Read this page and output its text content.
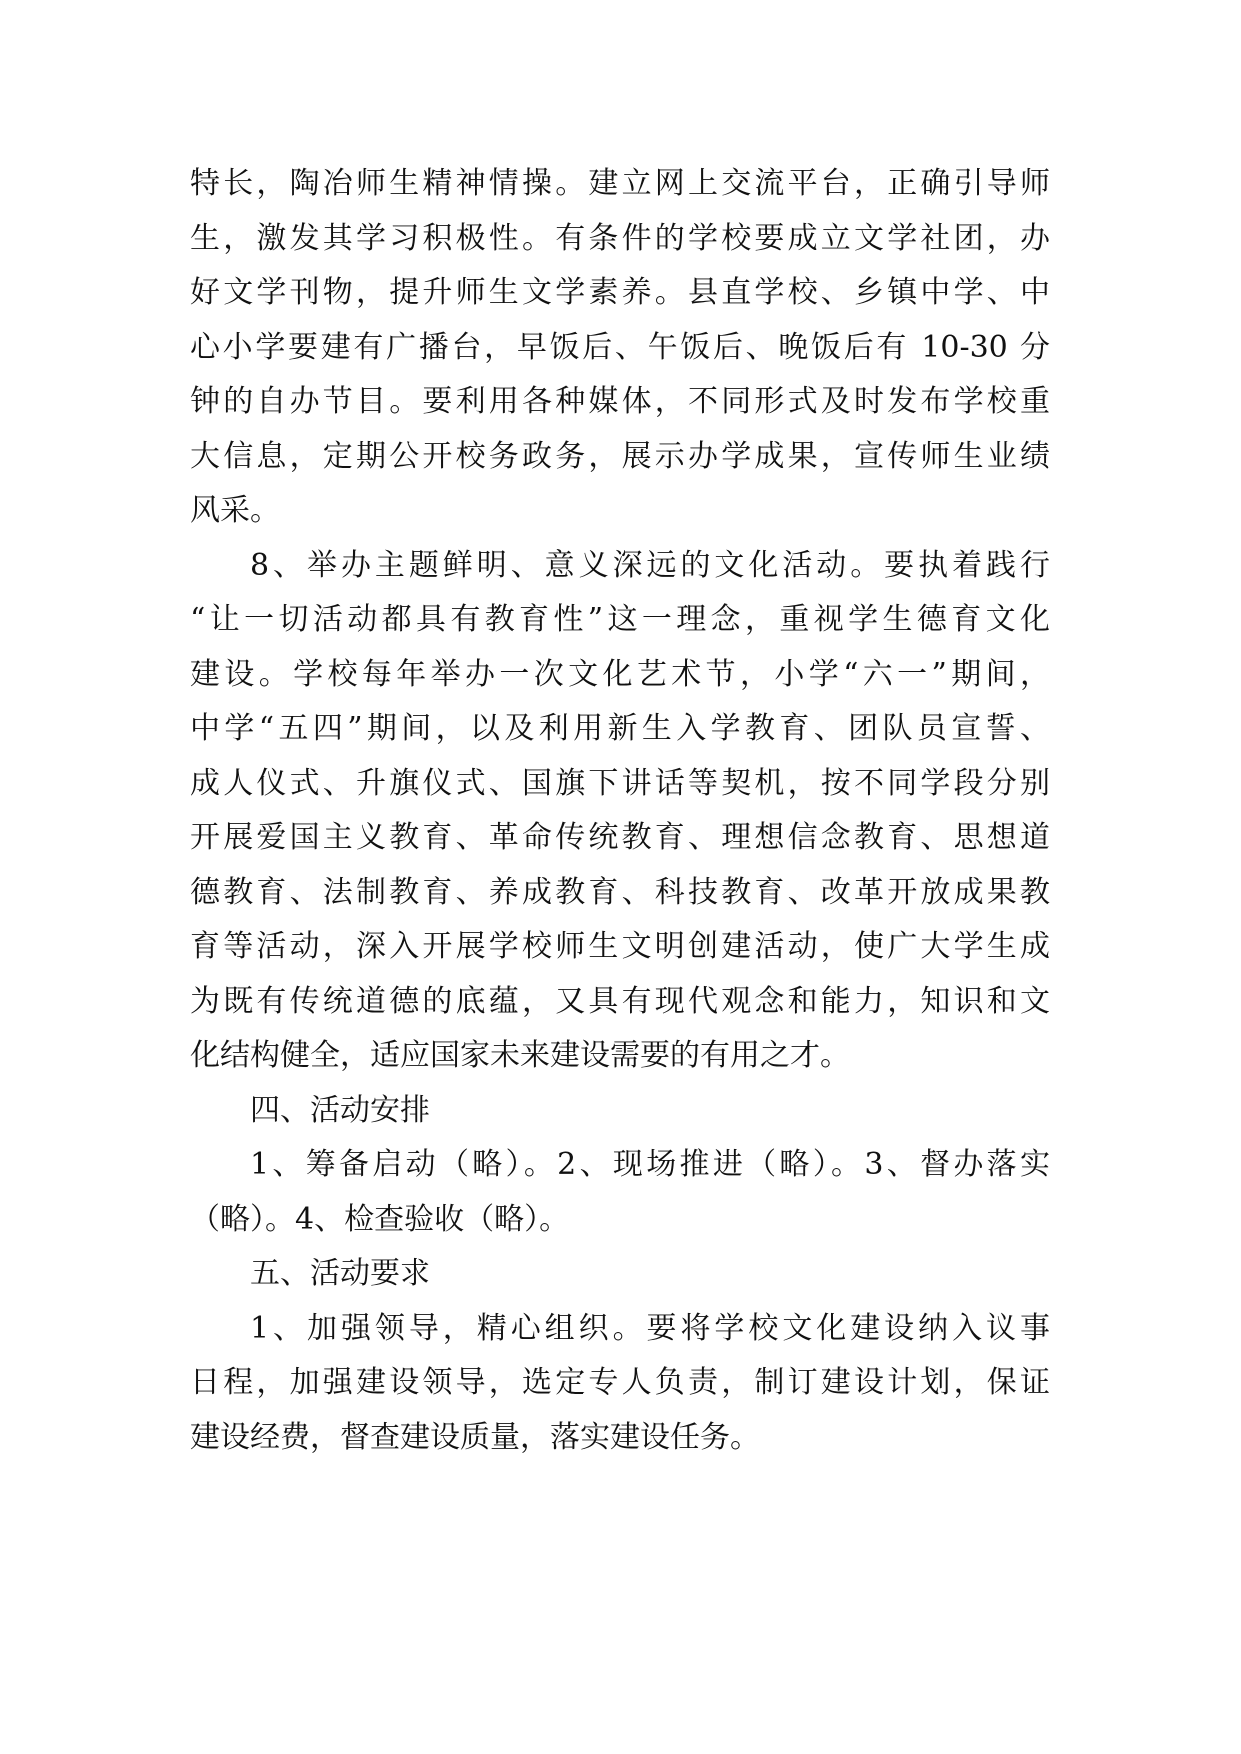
特长，陶冶师生精神情操。建立网上交流平台，正确引导师
生，激发其学习积极性。有条件的学校要成立文学社团，办
好文学刊物，提升师生文学素养。县直学校、乡镇中学、中
心小学要建有广播台，早饭后、午饭后、晚饭后有 10-30 分
钟的自办节目。要利用各种媒体，不同形式及时发布学校重
大信息，定期公开校务政务，展示办学成果，宣传师生业绩
风采。
8、举办主题鲜明、意义深远的文化活动。要执着践行
“让一切活动都具有教育性”这一理念，重视学生德育文化
建设。学校每年举办一次文化艺术节，小学“六一”期间，
中学“五四”期间，以及利用新生入学教育、团队员宣誓、
成人仪式、升旗仪式、国旗下讲话等契机，按不同学段分别
开展爱国主义教育、革命传统教育、理想信念教育、思想道
德教育、法制教育、养成教育、科技教育、改革开放成果教
育等活动，深入开展学校师生文明创建活动，使广大学生成
为既有传统道德的底蕴，又具有现代观念和能力，知识和文
化结构健全，适应国家未来建设需要的有用之才。
四、活动安排
1、筹备启动（略）。2、现场推进（略）。3、督办落实
（略）。4、检查验收（略）。
五、活动要求
1、加强领导，精心组织。要将学校文化建设纳入议事
日程，加强建设领导，选定专人负责，制订建设计划，保证
建设经费，督查建设质量，落实建设任务。
